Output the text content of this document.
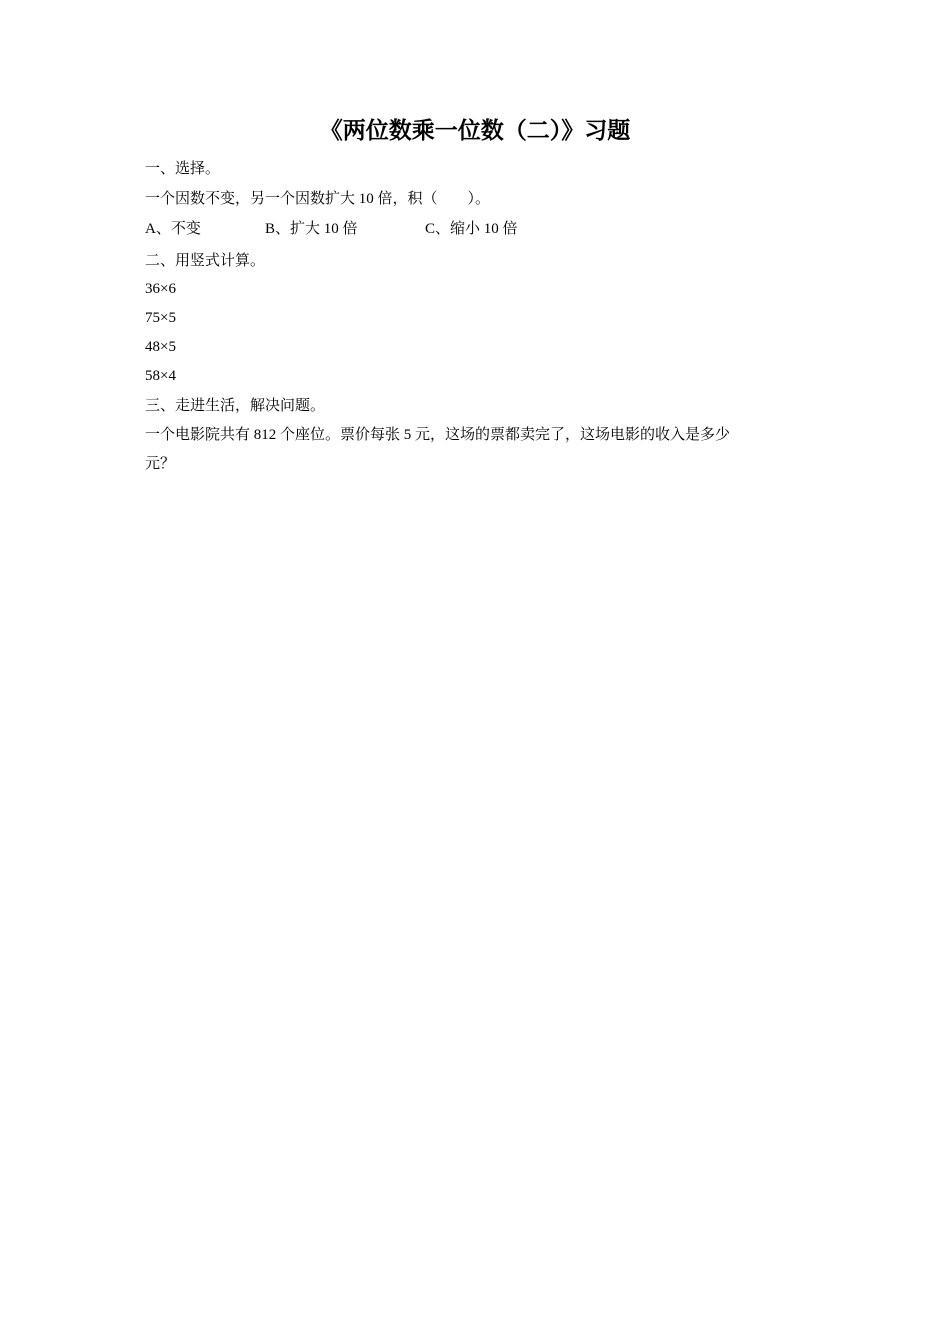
《两位数乘一位数（二）》习题
一、选择。
一个因数不变，另一个因数扩大 10 倍，积（　　）。
A、不变	B、扩大 10 倍	C、缩小 10 倍
二、用竖式计算。
36×6
75×5
48×5
58×4
三、走进生活，解决问题。
一个电影院共有 812 个座位。票价每张 5 元，这场的票都卖完了，这场电影的收入是多少
元？
